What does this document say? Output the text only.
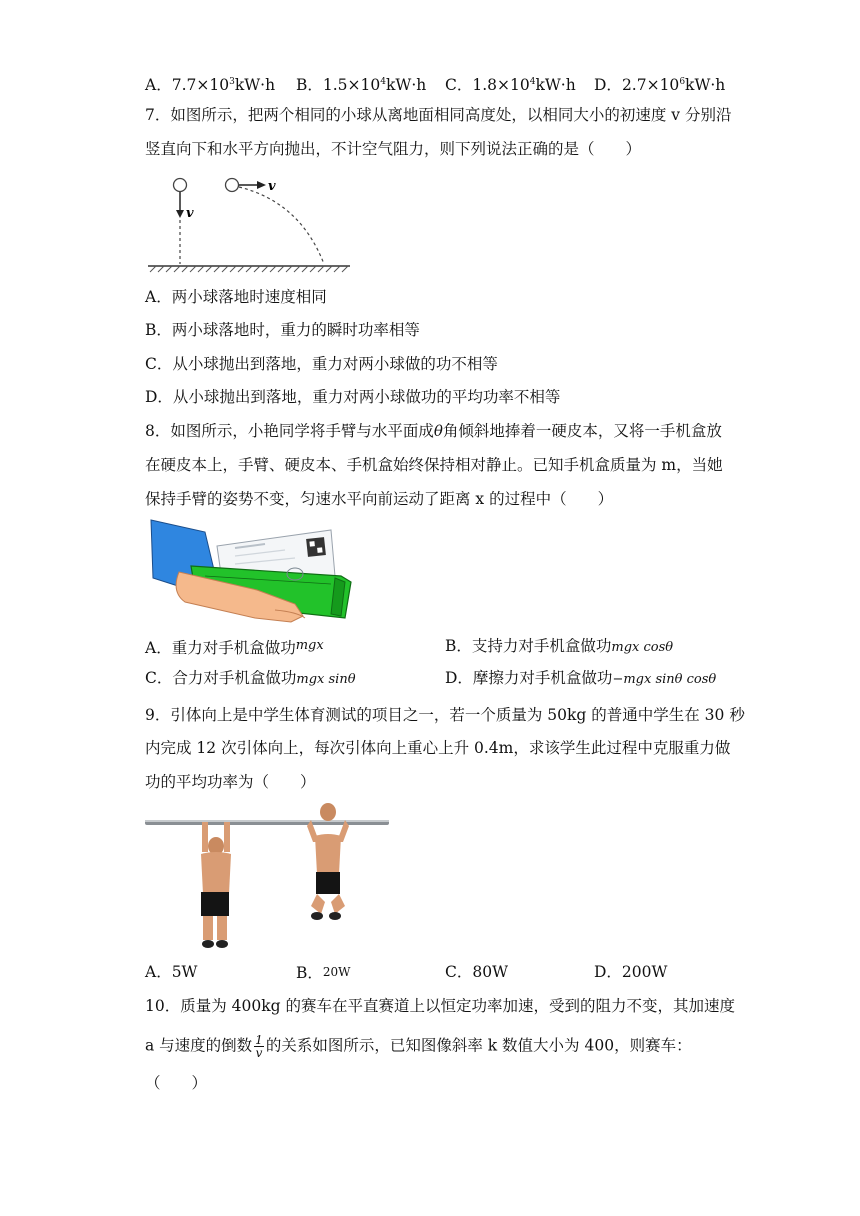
A．$7.7\times 10^3kW\cdot h$ B．$1.5\times 10^4kW\cdot h$ C．$1.8\times 10^4kW\cdot h$ D．$2.7\times 10^6kW\cdot h$
7．如图所示，把两个相同的小球从离地面相同高度处，以相同大小的初速度 v 分别沿
竖直向下和水平方向抛出，不计空气阻力，则下列说法正确的是（　　）
v
v
A．两小球落地时速度相同
B．两小球落地时，重力的瞬时功率相等
C．从小球抛出到落地，重力对两小球做的功不相等
D．从小球抛出到落地，重力对两小球做功的平均功率不相等
8．如图所示，小艳同学将手臂与水平面成θ角倾斜地捧着一硬皮本，又将一手机盒放
在硬皮本上，手臂、硬皮本、手机盒始终保持相对静止。已知手机盒质量为 m，当她
保持手臂的姿势不变，匀速水平向前运动了距离 x 的过程中（　　）
A．重力对手机盒做功$^{mgx}$	B．支持力对手机盒做功mgx cosθ
C．合力对手机盒做功mgx sinθ	D．摩擦力对手机盒做功−mgx sinθ cosθ
9．引体向上是中学生体育测试的项目之一，若一个质量为 50kg 的普通中学生在 30 秒
内完成 12 次引体向上，每次引体向上重心上升 0.4m，求该学生此过程中克服重力做
功的平均功率为（　　）
A．5W	B．20W	C．80W	D．200W
10．质量为 400kg 的赛车在平直赛道上以恒定功率加速，受到的阻力不变，其加速度
a 与速度的倒数 $\frac{1}{v}$ 的关系如图所示，已知图像斜率 k 数值大小为 400，则赛车：
（　　）
